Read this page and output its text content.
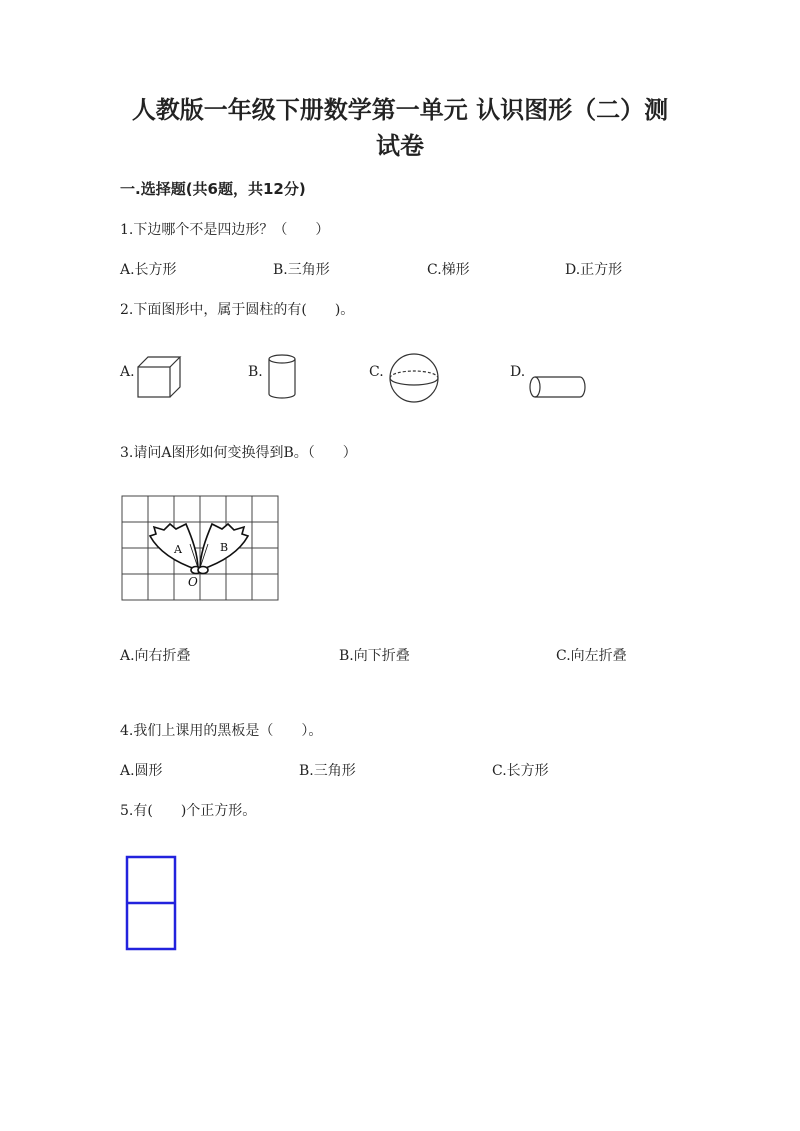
人教版一年级下册数学第一单元 认识图形（二）测
试卷
一.选择题(共6题，共12分)
1.下边哪个不是四边形？（　　）
A.长方形	B.三角形	C.梯形	D.正方形
2.下面图形中，属于圆柱的有(　　)。
A.	B.	C.	D.
3.请问A图形如何变换得到B。（　　）
A	B
O
A.向右折叠	B.向下折叠	C.向左折叠
4.我们上课用的黑板是（　　）。
A.圆形	B.三角形	C.长方形
5.有(　　)个正方形。
